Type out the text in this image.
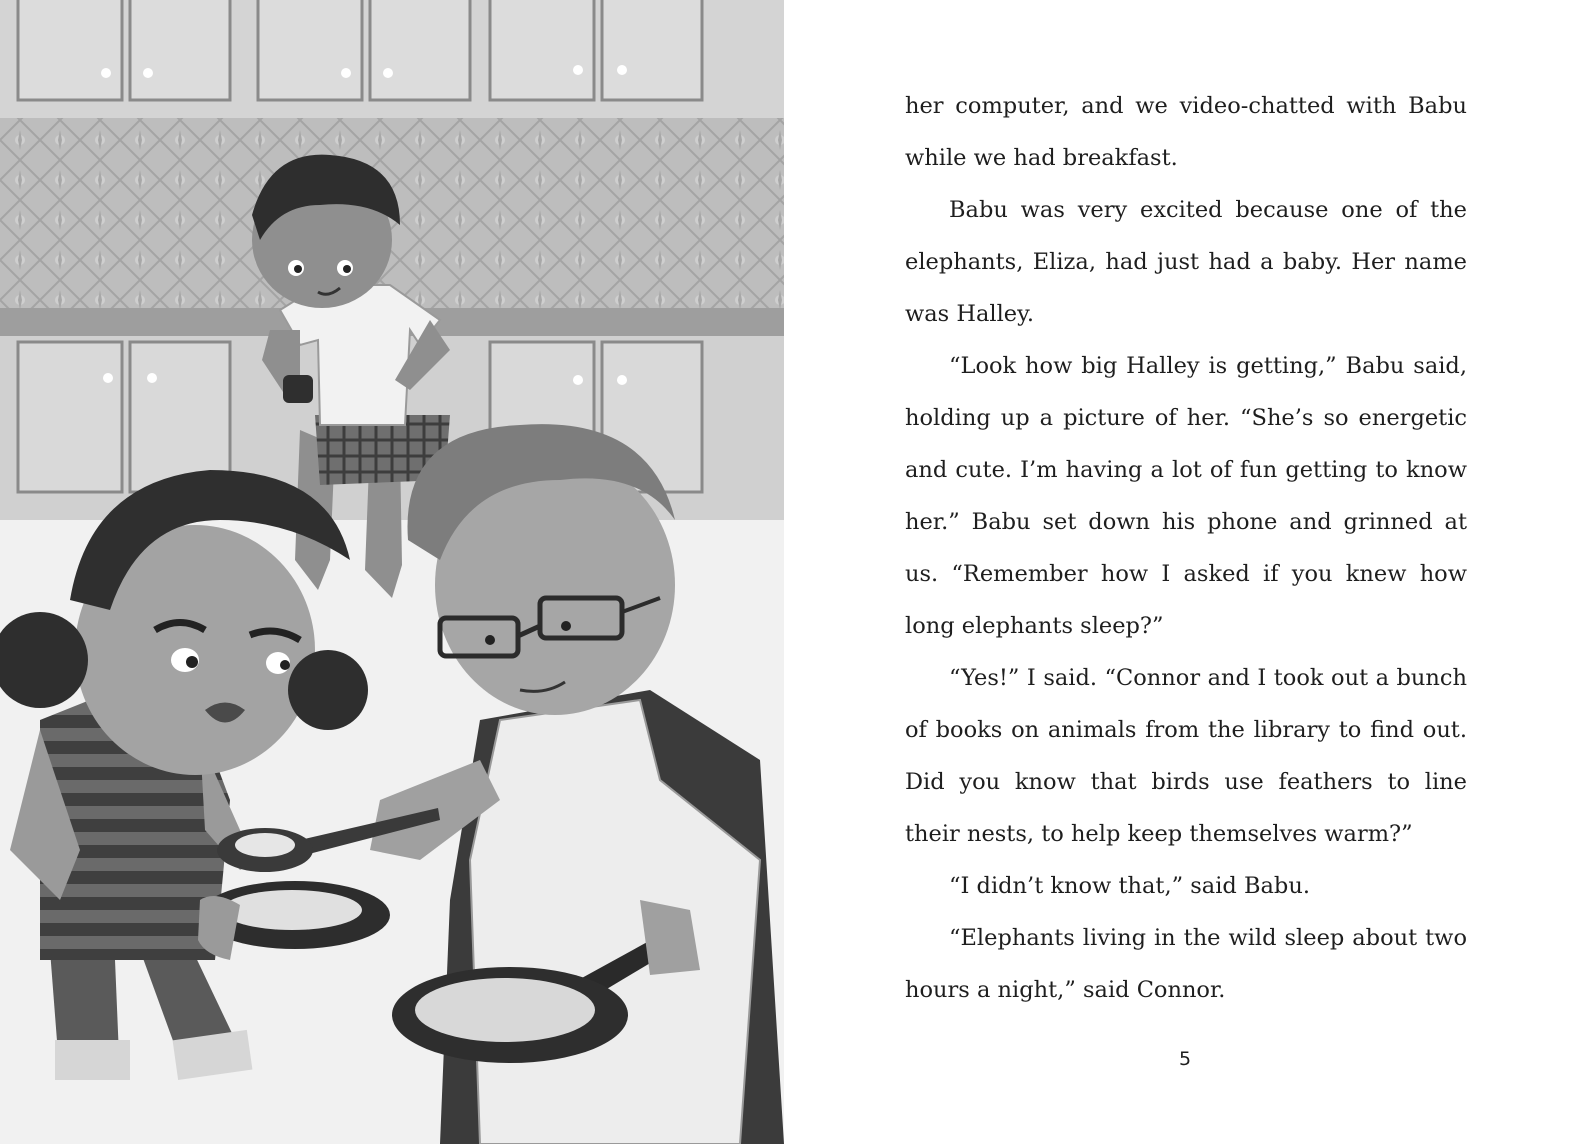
her computer, and we video-chatted with Babu while we had breakfast.

Babu was very excited because one of the elephants, Eliza, had just had a baby. Her name was Halley.

“Look how big Halley is getting,” Babu said, holding up a picture of her. “She’s so energetic and cute. I’m having a lot of fun getting to know her.” Babu set down his phone and grinned at us. “Remember how I asked if you knew how long elephants sleep?”

“Yes!” I said. “Connor and I took out a bunch of books on animals from the library to find out. Did you know that birds use feathers to line their nests, to help keep themselves warm?”

“I didn’t know that,” said Babu.

“Elephants living in the wild sleep about two hours a night,” said Connor.

5
